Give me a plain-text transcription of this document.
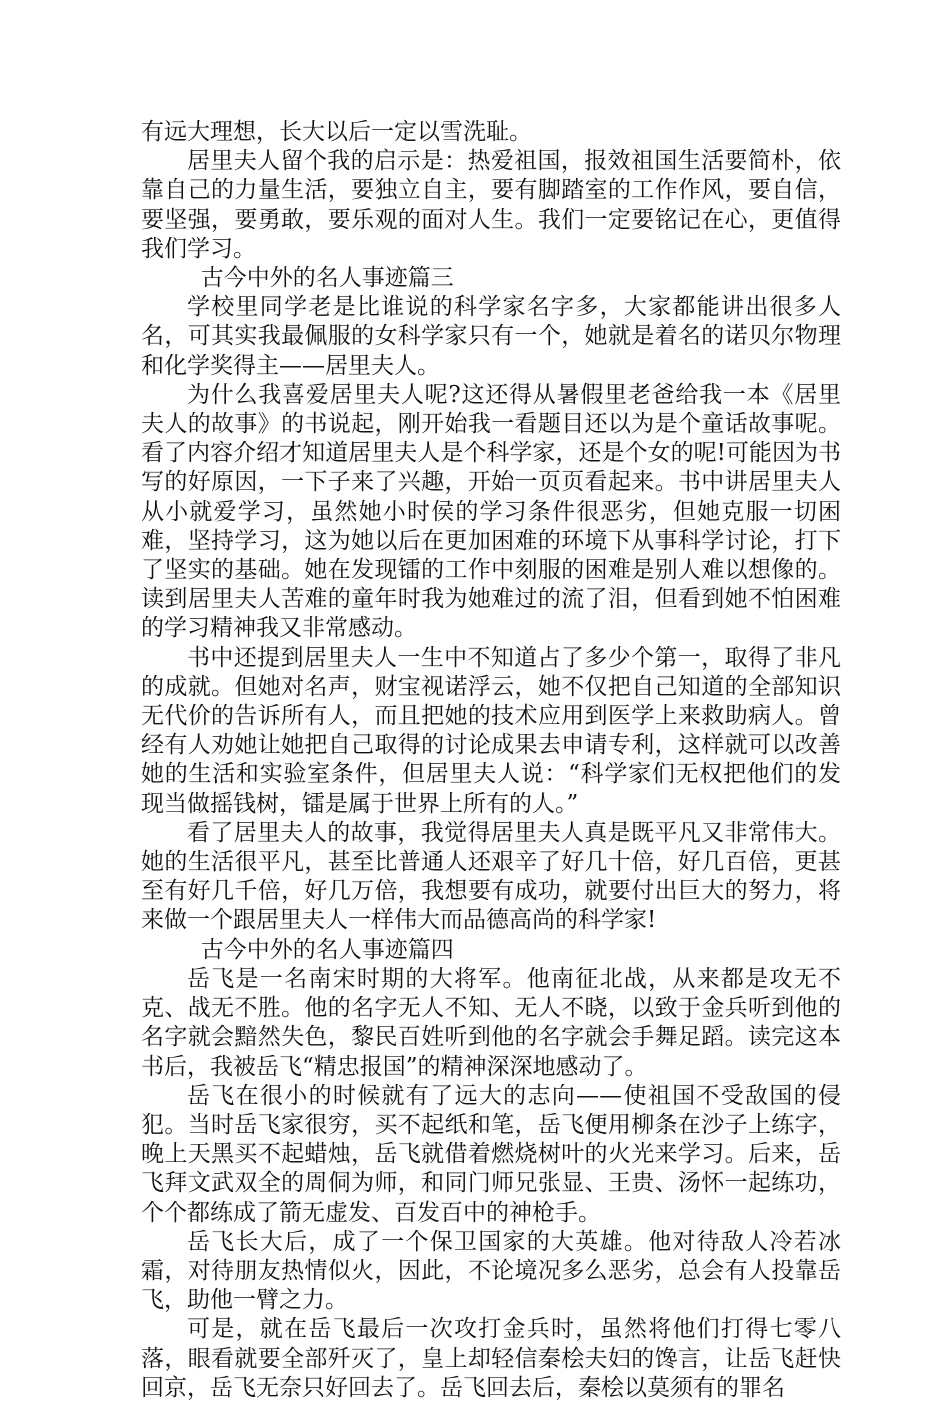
有远大理想，长大以后一定以雪洗耻。

居里夫人留个我的启示是：热爱祖国，报效祖国生活要简朴，依靠自己的力量生活，要独立自主，要有脚踏室的工作作风，要自信，要坚强，要勇敢，要乐观的面对人生。我们一定要铭记在心，更值得我们学习。

古今中外的名人事迹篇三

学校里同学老是比谁说的科学家名字多，大家都能讲出很多人名，可其实我最佩服的女科学家只有一个，她就是着名的诺贝尔物理和化学奖得主——居里夫人。

为什么我喜爱居里夫人呢?这还得从暑假里老爸给我一本《居里夫人的故事》的书说起，刚开始我一看题目还以为是个童话故事呢。看了内容介绍才知道居里夫人是个科学家，还是个女的呢!可能因为书写的好原因，一下子来了兴趣，开始一页页看起来。书中讲居里夫人从小就爱学习，虽然她小时侯的学习条件很恶劣，但她克服一切困难，坚持学习，这为她以后在更加困难的环境下从事科学讨论，打下了坚实的基础。她在发现镭的工作中刻服的困难是别人难以想像的。读到居里夫人苦难的童年时我为她难过的流了泪，但看到她不怕困难的学习精神我又非常感动。

书中还提到居里夫人一生中不知道占了多少个第一，取得了非凡的成就。但她对名声，财宝视诺浮云，她不仅把自己知道的全部知识无代价的告诉所有人，而且把她的技术应用到医学上来救助病人。曾经有人劝她让她把自己取得的讨论成果去申请专利，这样就可以改善她的生活和实验室条件，但居里夫人说：“科学家们无权把他们的发现当做摇钱树，镭是属于世界上所有的人。”

看了居里夫人的故事，我觉得居里夫人真是既平凡又非常伟大。她的生活很平凡，甚至比普通人还艰辛了好几十倍，好几百倍，更甚至有好几千倍，好几万倍，我想要有成功，就要付出巨大的努力，将来做一个跟居里夫人一样伟大而品德高尚的科学家!

古今中外的名人事迹篇四

岳飞是一名南宋时期的大将军。他南征北战，从来都是攻无不克、战无不胜。他的名字无人不知、无人不晓，以致于金兵听到他的名字就会黯然失色，黎民百姓听到他的名字就会手舞足蹈。读完这本书后，我被岳飞“精忠报国”的精神深深地感动了。

岳飞在很小的时候就有了远大的志向——使祖国不受敌国的侵犯。当时岳飞家很穷，买不起纸和笔，岳飞便用柳条在沙子上练字，晚上天黑买不起蜡烛，岳飞就借着燃烧树叶的火光来学习。后来，岳飞拜文武双全的周侗为师，和同门师兄张显、王贵、汤怀一起练功，个个都练成了箭无虚发、百发百中的神枪手。

岳飞长大后，成了一个保卫国家的大英雄。他对待敌人冷若冰霜，对待朋友热情似火，因此，不论境况多么恶劣，总会有人投靠岳飞，助他一臂之力。

可是，就在岳飞最后一次攻打金兵时，虽然将他们打得七零八落，眼看就要全部歼灭了，皇上却轻信秦桧夫妇的馋言，让岳飞赶快回京，岳飞无奈只好回去了。岳飞回去后，秦桧以莫须有的罪名
